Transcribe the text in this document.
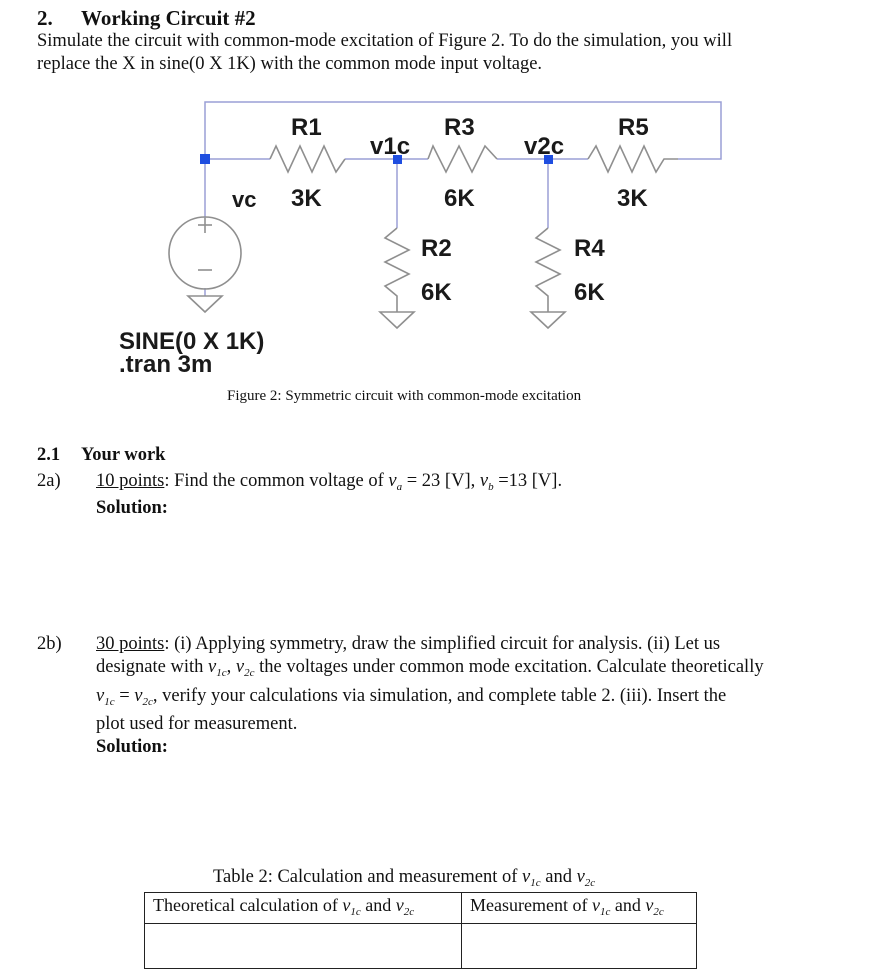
2. Working Circuit #2
Simulate the circuit with common-mode excitation of Figure 2. To do the simulation, you will
replace the X in sine(0 X 1K) with the common mode input voltage.
R1
3K
R3
6K
R5
3K
v1c	v2c
vc
R2
6K
R4
6K
SINE(0 X 1K)
.tran 3m
Figure 2: Symmetric circuit with common-mode excitation
2.1 Your work
2a) 10 points: Find the common voltage of $v_a = 23$ [V], $v_b =13$ [V].
Solution:
2b) 30 points: (i) Applying symmetry, draw the simplified circuit for analysis. (ii) Let us
designate with $v_{1c}$, $v_{2c}$ the voltages under common mode excitation. Calculate theoretically
$v_{1c} = v_{2c}$, verify your calculations via simulation, and complete table 2. (iii). Insert the
plot used for measurement.
Solution:
Table 2: Calculation and measurement of $v_{1c}$ and $v_{2c}$
Theoretical calculation of $v_{1c}$ and $v_{2c}$	Measurement of $v_{1c}$ and $v_{2c}$
